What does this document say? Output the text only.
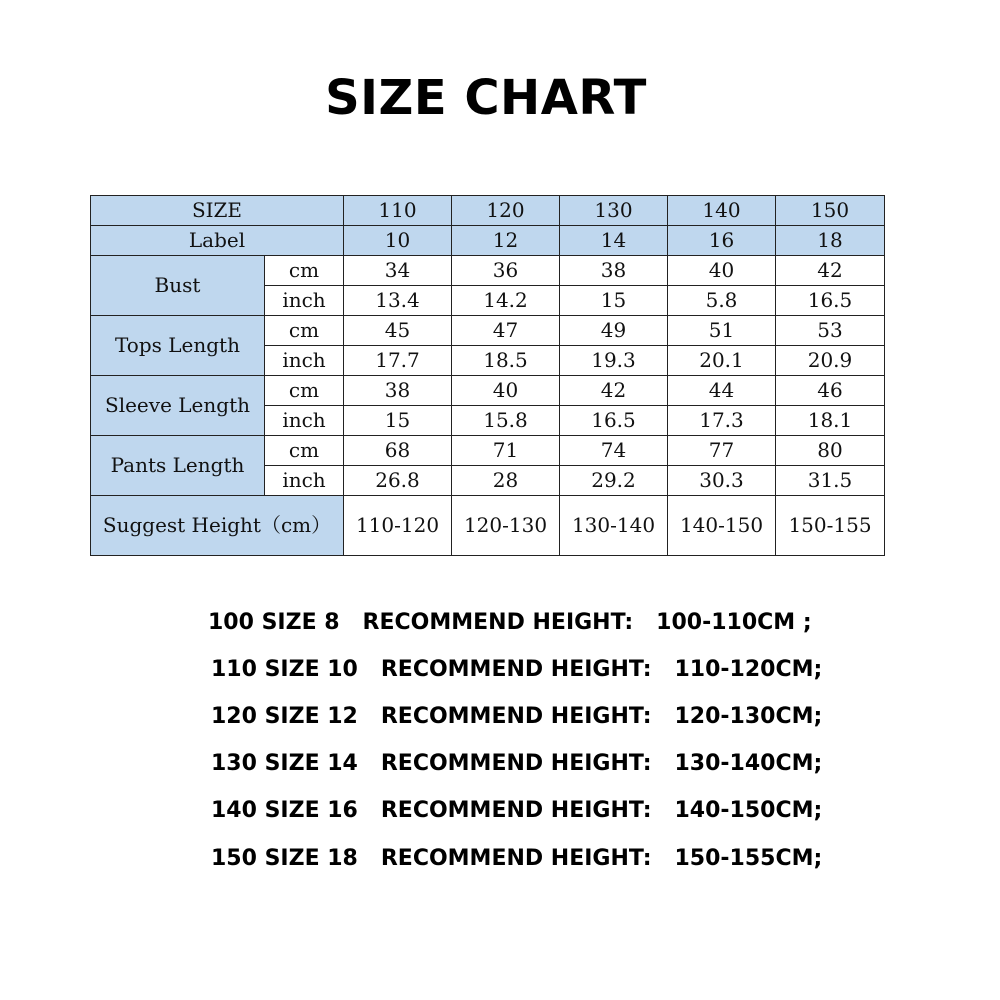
SIZE CHART
SIZE		110	120	130	140	150
Label		10	12	14	16	18
Bust	cm	34	36	38	40	42
	inch	13.4	14.2	15	5.8	16.5
Tops Length	cm	45	47	49	51	53
	inch	17.7	18.5	19.3	20.1	20.9
Sleeve Length	cm	38	40	42	44	46
	inch	15	15.8	16.5	17.3	18.1
Pants Length	cm	68	71	74	77	80
	inch	26.8	28	29.2	30.3	31.5
Suggest Height（cm）		110-120	120-130	130-140	140-150	150-155
100 SIZE 8   RECOMMEND HEIGHT:   100-110CM ;
110 SIZE 10   RECOMMEND HEIGHT:   110-120CM;
120 SIZE 12   RECOMMEND HEIGHT:   120-130CM;
130 SIZE 14   RECOMMEND HEIGHT:   130-140CM;
140 SIZE 16   RECOMMEND HEIGHT:   140-150CM;
150 SIZE 18   RECOMMEND HEIGHT:   150-155CM;
